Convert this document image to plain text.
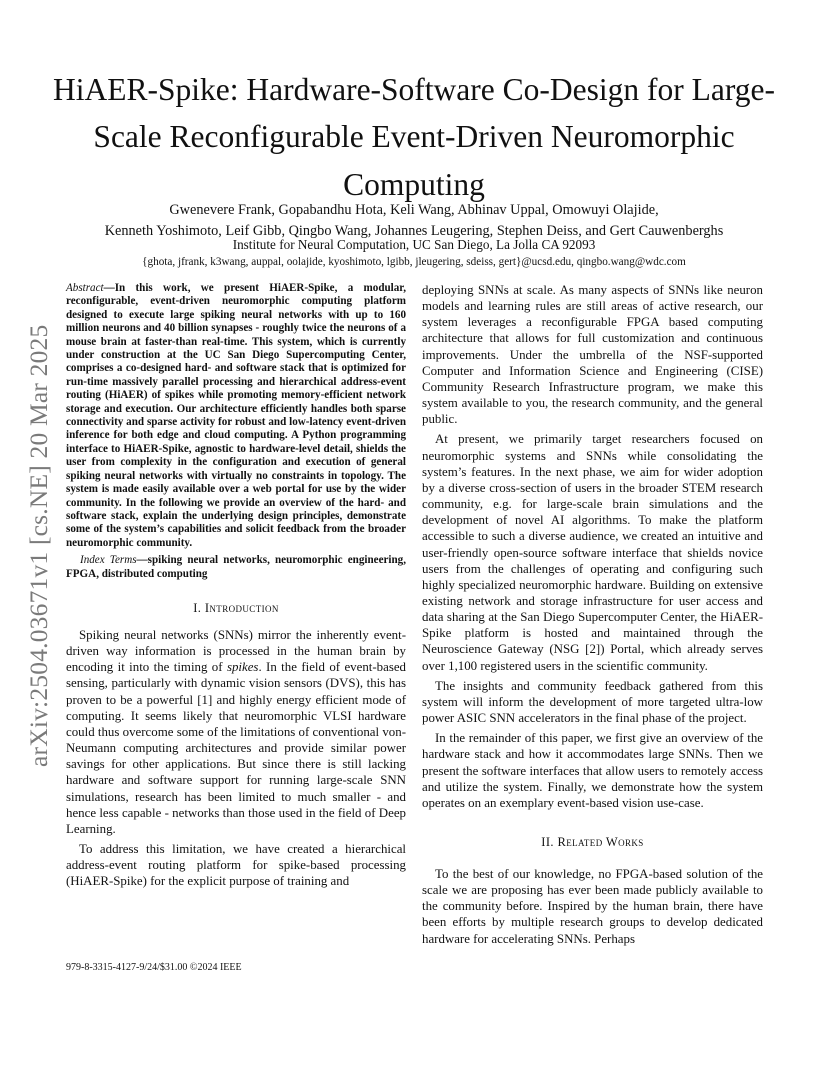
HiAER-Spike: Hardware-Software Co-Design for Large-Scale Reconfigurable Event-Driven Neuromorphic Computing
Gwenevere Frank, Gopabandhu Hota, Keli Wang, Abhinav Uppal, Omowuyi Olajide,
Kenneth Yoshimoto, Leif Gibb, Qingbo Wang, Johannes Leugering, Stephen Deiss, and Gert Cauwenberghs
Institute for Neural Computation, UC San Diego, La Jolla CA 92093
{ghota, jfrank, k3wang, auppal, oolajide, kyoshimoto, lgibb, jleugering, sdeiss, gert}@ucsd.edu, qingbo.wang@wdc.com
arXiv:2504.03671v1 [cs.NE] 20 Mar 2025

Abstract—In this work, we present HiAER-Spike, a modular, reconfigurable, event-driven neuromorphic computing platform designed to execute large spiking neural networks with up to 160 million neurons and 40 billion synapses - roughly twice the neurons of a mouse brain at faster-than real-time. This system, which is currently under construction at the UC San Diego Supercomputing Center, comprises a co-designed hard- and software stack that is optimized for run-time massively parallel processing and hierarchical address-event routing (HiAER) of spikes while promoting memory-efficient network storage and execution. Our architecture efficiently handles both sparse connectivity and sparse activity for robust and low-latency event-driven inference for both edge and cloud computing. A Python programming interface to HiAER-Spike, agnostic to hardware-level detail, shields the user from complexity in the configuration and execution of general spiking neural networks with virtually no constraints in topology. The system is made easily available over a web portal for use by the wider community. In the following we provide an overview of the hard- and software stack, explain the underlying design principles, demonstrate some of the system’s capabilities and solicit feedback from the broader neuromorphic community.

Index Terms—spiking neural networks, neuromorphic engineering, FPGA, distributed computing

I. Introduction

Spiking neural networks (SNNs) mirror the inherently event-driven way information is processed in the human brain by encoding it into the timing of spikes. In the field of event-based sensing, particularly with dynamic vision sensors (DVS), this has proven to be a powerful [1] and highly energy efficient mode of computing. It seems likely that neuromorphic VLSI hardware could thus overcome some of the limitations of conventional von-Neumann computing architectures and provide similar power savings for other applications. But since there is still lacking hardware and software support for running large-scale SNN simulations, research has been limited to much smaller - and hence less capable - networks than those used in the field of Deep Learning.

To address this limitation, we have created a hierarchical address-event routing platform for spike-based processing (HiAER-Spike) for the explicit purpose of training and

deploying SNNs at scale. As many aspects of SNNs like neuron models and learning rules are still areas of active research, our system leverages a reconfigurable FPGA based computing architecture that allows for full customization and continuous improvements. Under the umbrella of the NSF-supported Computer and Information Science and Engineering (CISE) Community Research Infrastructure program, we make this system available to you, the research community, and the general public.

At present, we primarily target researchers focused on neuromorphic systems and SNNs while consolidating the system’s features. In the next phase, we aim for wider adoption by a diverse cross-section of users in the broader STEM research community, e.g. for large-scale brain simulations and the development of novel AI algorithms. To make the platform accessible to such a diverse audience, we created an intuitive and user-friendly open-source software interface that shields novice users from the challenges of operating and configuring such highly specialized neuromorphic hardware. Building on extensive existing network and storage infrastructure for user access and data sharing at the San Diego Supercomputer Center, the HiAER-Spike platform is hosted and maintained through the Neuroscience Gateway (NSG [2]) Portal, which already serves over 1,100 registered users in the scientific community.

The insights and community feedback gathered from this system will inform the development of more targeted ultra-low power ASIC SNN accelerators in the final phase of the project.

In the remainder of this paper, we first give an overview of the hardware stack and how it accommodates large SNNs. Then we present the software interfaces that allow users to remotely access and utilize the system. Finally, we demonstrate how the system operates on an exemplary event-based vision use-case.

II. Related Works

To the best of our knowledge, no FPGA-based solution of the scale we are proposing has ever been made publicly available to the community before. Inspired by the human brain, there have been efforts by multiple research groups to develop dedicated hardware for accelerating SNNs. Perhaps

979-8-3315-4127-9/24/$31.00 ©2024 IEEE
